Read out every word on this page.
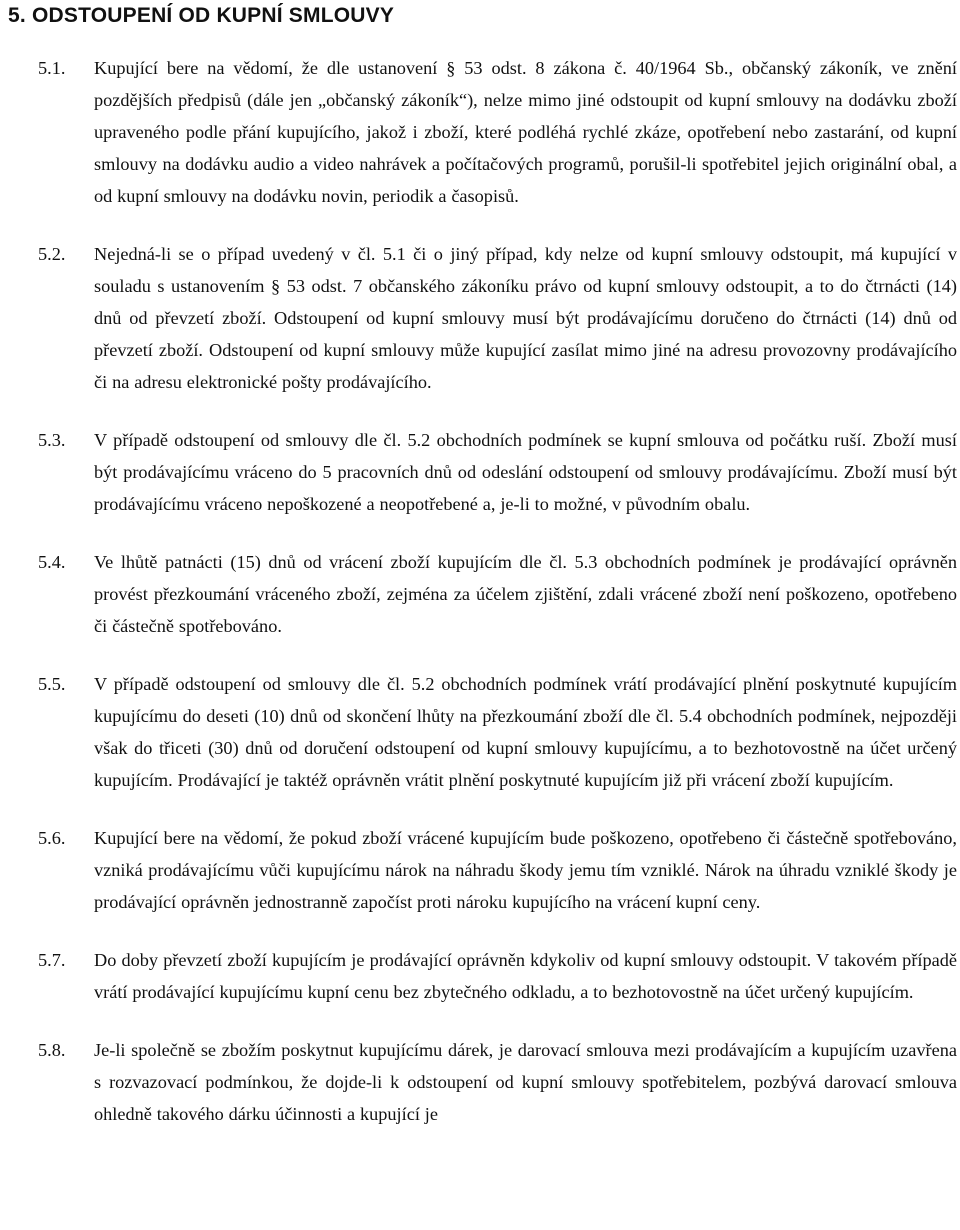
5. ODSTOUPENÍ OD KUPNÍ SMLOUVY
5.1.	Kupující bere na vědomí, že dle ustanovení § 53 odst. 8 zákona č. 40/1964 Sb., občanský zákoník, ve znění pozdějších předpisů (dále jen „občanský zákoník“), nelze mimo jiné odstoupit od kupní smlouvy na dodávku zboží upraveného podle přání kupujícího, jakož i zboží, které podléhá rychlé zkáze, opotřebení nebo zastarání, od kupní smlouvy na dodávku audio a video nahrávek a počítačových programů, porušil-li spotřebitel jejich originální obal, a od kupní smlouvy na dodávku novin, periodik a časopisů.
5.2.	Nejedná-li se o případ uvedený v čl. 5.1 či o jiný případ, kdy nelze od kupní smlouvy odstoupit, má kupující v souladu s ustanovením § 53 odst. 7 občanského zákoníku právo od kupní smlouvy odstoupit, a to do čtrnácti (14) dnů od převzetí zboží. Odstoupení od kupní smlouvy musí být prodávajícímu doručeno do čtrnácti (14) dnů od převzetí zboží. Odstoupení od kupní smlouvy může kupující zasílat mimo jiné na adresu provozovny prodávajícího či na adresu elektronické pošty prodávajícího.
5.3.	V případě odstoupení od smlouvy dle čl. 5.2 obchodních podmínek se kupní smlouva od počátku ruší. Zboží musí být prodávajícímu vráceno do 5 pracovních dnů od odeslání odstoupení od smlouvy prodávajícímu. Zboží musí být prodávajícímu vráceno nepoškozené a neopotřebené a, je-li to možné, v původním obalu.
5.4.	Ve lhůtě patnácti (15) dnů od vrácení zboží kupujícím dle čl. 5.3 obchodních podmínek je prodávající oprávněn provést přezkoumání vráceného zboží, zejména za účelem zjištění, zdali vrácené zboží není poškozeno, opotřebeno či částečně spotřebováno.
5.5.	V případě odstoupení od smlouvy dle čl. 5.2 obchodních podmínek vrátí prodávající plnění poskytnuté kupujícím kupujícímu do deseti (10) dnů od skončení lhůty na přezkoumání zboží dle čl. 5.4 obchodních podmínek, nejpozději však do třiceti (30) dnů od doručení odstoupení od kupní smlouvy kupujícímu, a to bezhotovostně na účet určený kupujícím. Prodávající je taktéž oprávněn vrátit plnění poskytnuté kupujícím již při vrácení zboží kupujícím.
5.6.	Kupující bere na vědomí, že pokud zboží vrácené kupujícím bude poškozeno, opotřebeno či částečně spotřebováno, vzniká prodávajícímu vůči kupujícímu nárok na náhradu škody jemu tím vzniklé. Nárok na úhradu vzniklé škody je prodávající oprávněn jednostranně započíst proti nároku kupujícího na vrácení kupní ceny.
5.7.	Do doby převzetí zboží kupujícím je prodávající oprávněn kdykoliv od kupní smlouvy odstoupit. V takovém případě vrátí prodávající kupujícímu kupní cenu bez zbytečného odkladu, a to bezhotovostně na účet určený kupujícím.
5.8.	Je-li společně se zbožím poskytnut kupujícímu dárek, je darovací smlouva mezi prodávajícím a kupujícím uzavřena s rozvazovací podmínkou, že dojde-li k odstoupení od kupní smlouvy spotřebitelem, pozbývá darovací smlouva ohledně takového dárku účinnosti a kupující je
